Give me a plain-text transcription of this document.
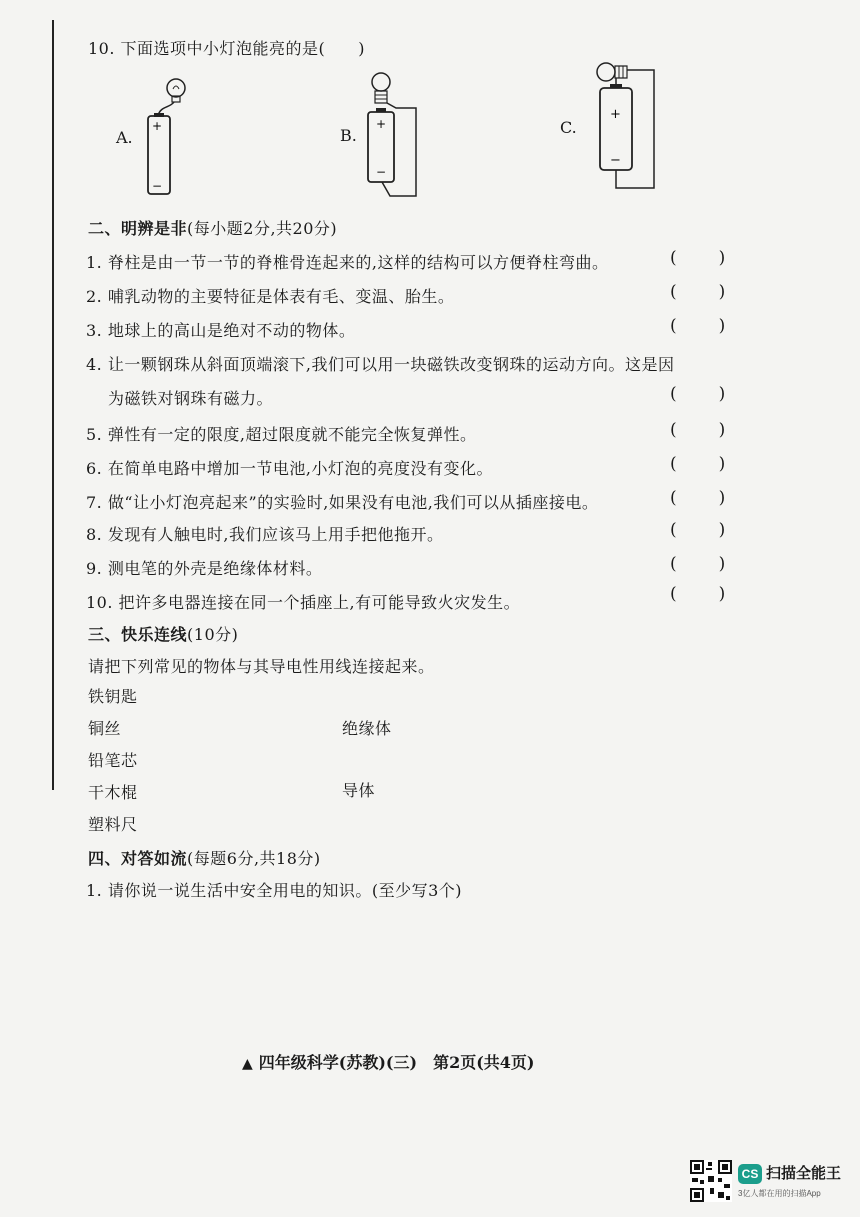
10. 下面选项中小灯泡能亮的是(　　)
A.
+
−
B.
+
−
C.
+
−
二、明辨是非(每小题2分,共20分)
1. 脊柱是由一节一节的脊椎骨连起来的,这样的结构可以方便脊柱弯曲。
2. 哺乳动物的主要特征是体表有毛、变温、胎生。
3. 地球上的高山是绝对不动的物体。
4. 让一颗钢珠从斜面顶端滚下,我们可以用一块磁铁改变钢珠的运动方向。这是因
为磁铁对钢珠有磁力。
5. 弹性有一定的限度,超过限度就不能完全恢复弹性。
6. 在简单电路中增加一节电池,小灯泡的亮度没有变化。
7. 做“让小灯泡亮起来”的实验时,如果没有电池,我们可以从插座接电。
8. 发现有人触电时,我们应该马上用手把他拖开。
9. 测电笔的外壳是绝缘体材料。
10. 把许多电器连接在同一个插座上,有可能导致火灾发生。
( )
( )
( )
( )
( )
( )
( )
( )
( )
( )
三、快乐连线(10分)
请把下列常见的物体与其导电性用线连接起来。
铁钥匙
铜丝
铅笔芯
干木棍
塑料尺
绝缘体
导体
四、对答如流(每题6分,共18分)
1. 请你说一说生活中安全用电的知识。(至少写3个)
▲ 四年级科学(苏教)(三)　第2页(共4页)
CS 扫描全能王
3亿人都在用的扫描App
